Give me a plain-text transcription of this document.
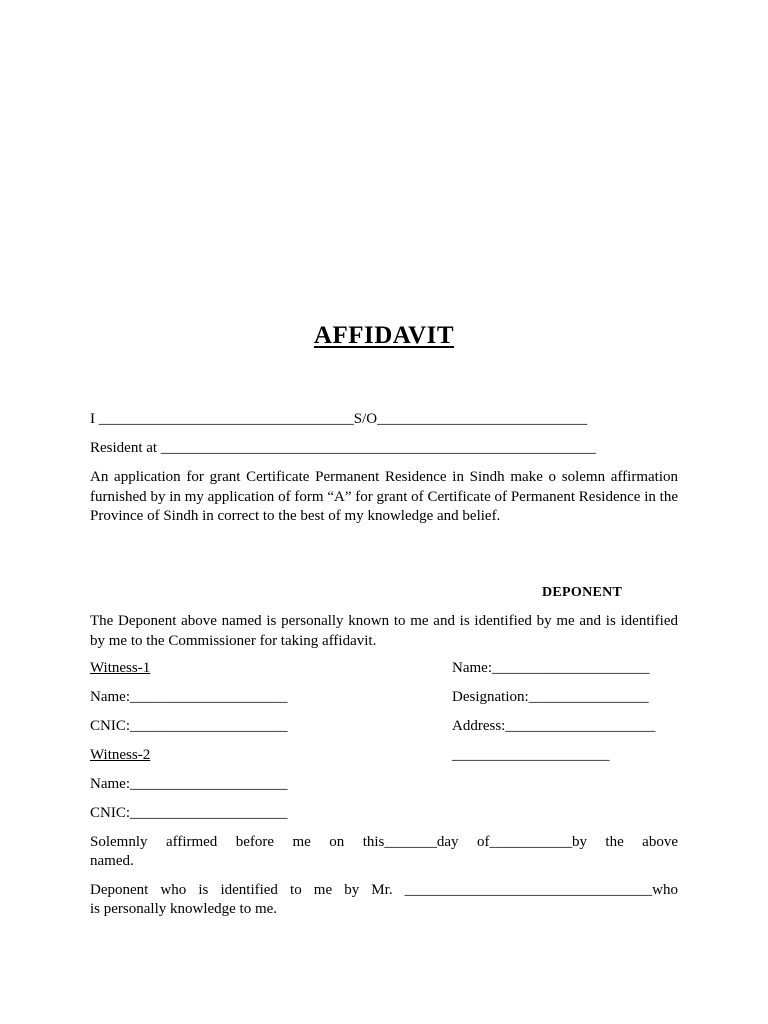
AFFIDAVIT
I __________________________________S/O____________________________
Resident at __________________________________________________________
An application for grant Certificate Permanent Residence in Sindh make o solemn affirmation furnished by in my application of form “A” for grant of Certificate of Permanent Residence in the Province of Sindh in correct to the best of my knowledge and belief.
DEPONENT
The Deponent above named is personally known to me and is identified by me and is identified by me to the Commissioner for taking affidavit.
Witness-1	Name:_____________________
Name:_____________________	Designation:________________
CNIC:_____________________	Address:____________________
Witness-2	_____________________
Name:_____________________
CNIC:_____________________
Solemnly affirmed before me on this_______day of___________by the above
named.
Deponent who is identified to me by Mr. _________________________________who
is personally knowledge to me.
